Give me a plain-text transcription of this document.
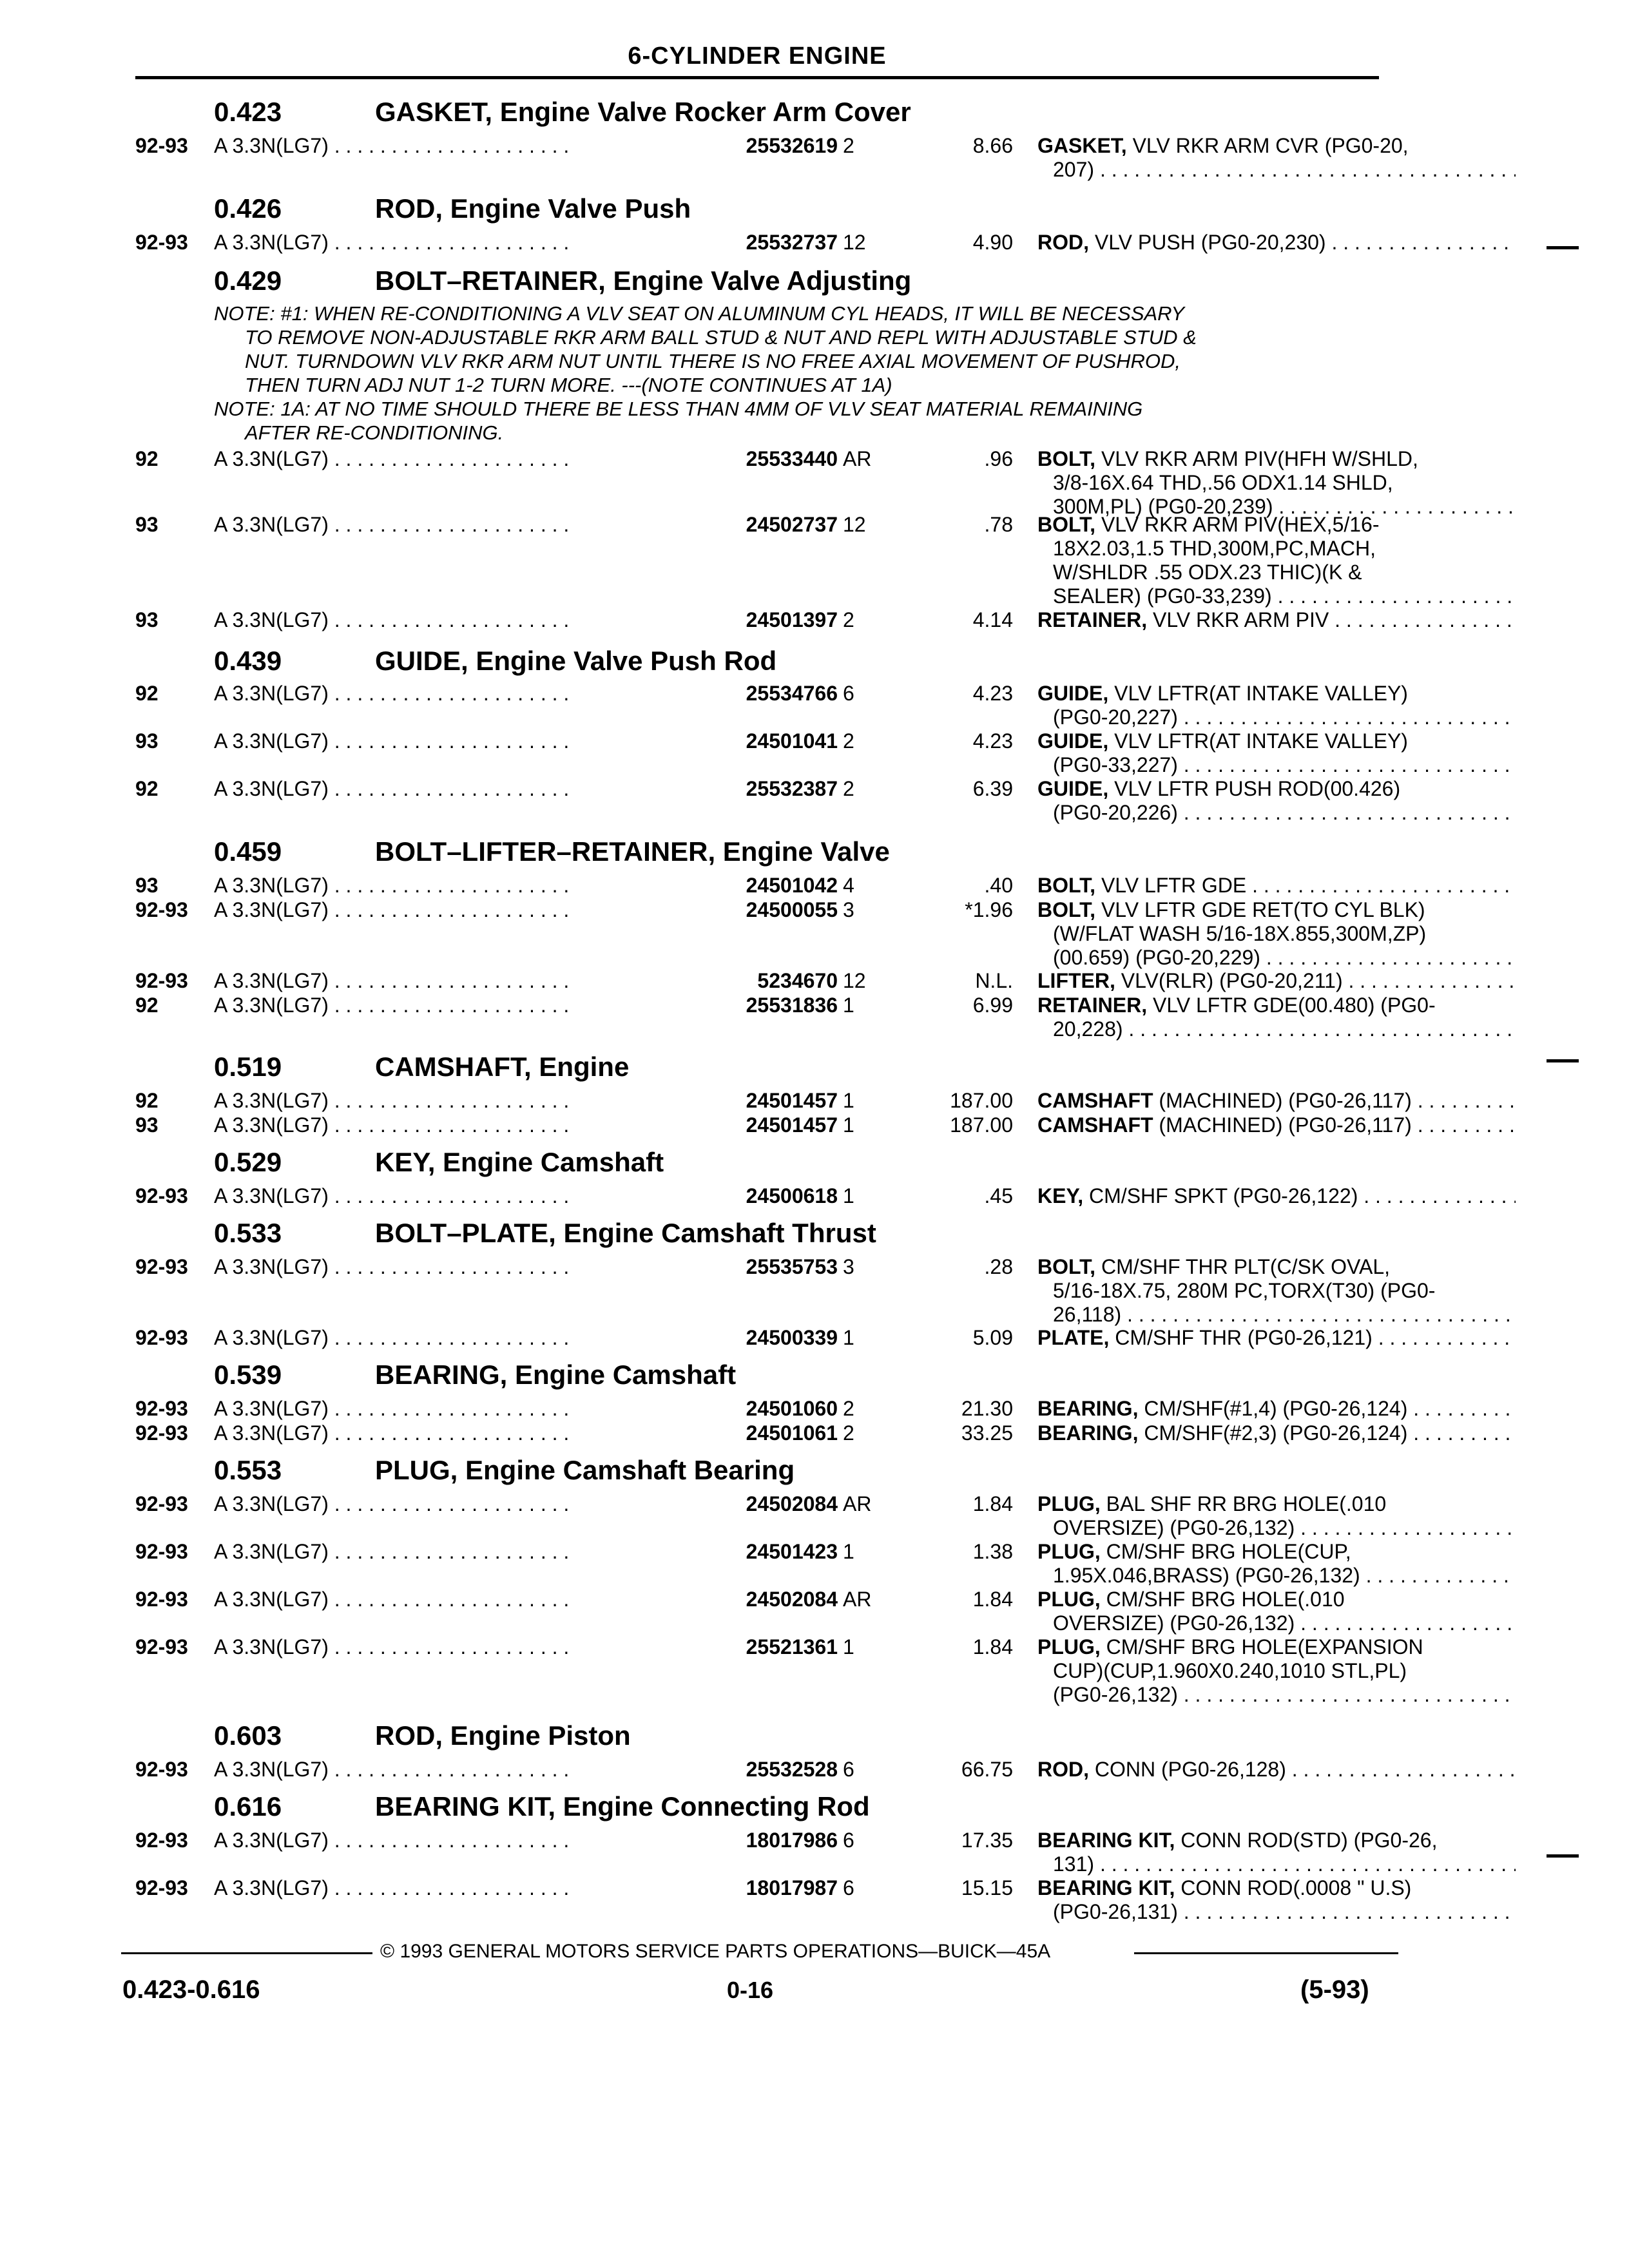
6-CYLINDER ENGINE
0.423	GASKET, Engine Valve Rocker Arm Cover
92-93 A 3.3N(LG7) . . .	25532619 2	8.66 GASKET, VLV RKR ARM CVR (PG0-20,
207) . . .
0.426	ROD, Engine Valve Push
92-93 A 3.3N(LG7) . . .	25532737 12	4.90 ROD, VLV PUSH (PG0-20,230) . . .
0.429	BOLT–RETAINER, Engine Valve Adjusting
NOTE: #1: WHEN RE-CONDITIONING A VLV SEAT ON ALUMINUM CYL HEADS, IT WILL BE NECESSARY
TO REMOVE NON-ADJUSTABLE RKR ARM BALL STUD & NUT AND REPL WITH ADJUSTABLE STUD &
NUT. TURNDOWN VLV RKR ARM NUT UNTIL THERE IS NO FREE AXIAL MOVEMENT OF PUSHROD,
THEN TURN ADJ NUT 1-2 TURN MORE. ---(NOTE CONTINUES AT 1A)
NOTE: 1A: AT NO TIME SHOULD THERE BE LESS THAN 4MM OF VLV SEAT MATERIAL REMAINING
AFTER RE-CONDITIONING.
92	A 3.3N(LG7) . . .	25533440 AR	.96 BOLT, VLV RKR ARM PIV(HFH W/SHLD,
3/8-16X.64 THD,.56 ODX1.14 SHLD,
300M,PL) (PG0-20,239) . . .
93	A 3.3N(LG7) . . .	24502737 12	.78 BOLT, VLV RKR ARM PIV(HEX,5/16-
18X2.03,1.5 THD,300M,PC,MACH,
W/SHLDR .55 ODX.23 THIC)(K &
SEALER) (PG0-33,239) . . .
93	A 3.3N(LG7) . . .	24501397 2	4.14 RETAINER, VLV RKR ARM PIV . . .
0.439	GUIDE, Engine Valve Push Rod
92	A 3.3N(LG7) . . .	25534766 6	4.23 GUIDE, VLV LFTR(AT INTAKE VALLEY)
(PG0-20,227) . . .
93	A 3.3N(LG7) . . .	24501041 2	4.23 GUIDE, VLV LFTR(AT INTAKE VALLEY)
(PG0-33,227) . . .
92	A 3.3N(LG7) . . .	25532387 2	6.39 GUIDE, VLV LFTR PUSH ROD(00.426)
(PG0-20,226) . . .
0.459	BOLT–LIFTER–RETAINER, Engine Valve
93	A 3.3N(LG7) . . .	24501042 4	.40 BOLT, VLV LFTR GDE . . .
92-93 A 3.3N(LG7) . . .	24500055 3	*1.96 BOLT, VLV LFTR GDE RET(TO CYL BLK)
(W/FLAT WASH 5/16-18X.855,300M,ZP)
(00.659) (PG0-20,229) . . .
92-93 A 3.3N(LG7) . . .	5234670 12	N.L. LIFTER, VLV(RLR) (PG0-20,211) . . .
92	A 3.3N(LG7) . . .	25531836 1	6.99 RETAINER, VLV LFTR GDE(00.480) (PG0-
20,228) . . .
0.519	CAMSHAFT, Engine
92	A 3.3N(LG7) . . .	24501457 1	187.00 CAMSHAFT (MACHINED) (PG0-26,117) . . .
93	A 3.3N(LG7) . . .	24501457 1	187.00 CAMSHAFT (MACHINED) (PG0-26,117) . . .
0.529	KEY, Engine Camshaft
92-93 A 3.3N(LG7) . . .	24500618 1	.45 KEY, CM/SHF SPKT (PG0-26,122) . . .
0.533	BOLT–PLATE, Engine Camshaft Thrust
92-93 A 3.3N(LG7) . . .	25535753 3	.28 BOLT, CM/SHF THR PLT(C/SK OVAL,
5/16-18X.75, 280M PC,TORX(T30) (PG0-
26,118) . . .
92-93 A 3.3N(LG7) . . .	24500339 1	5.09 PLATE, CM/SHF THR (PG0-26,121) . . .
0.539	BEARING, Engine Camshaft
92-93 A 3.3N(LG7) . . .	24501060 2	21.30 BEARING, CM/SHF(#1,4) (PG0-26,124) . . .
92-93 A 3.3N(LG7) . . .	24501061 2	33.25 BEARING, CM/SHF(#2,3) (PG0-26,124) . . .
0.553	PLUG, Engine Camshaft Bearing
92-93 A 3.3N(LG7) . . .	24502084 AR	1.84 PLUG, BAL SHF RR BRG HOLE(.010
OVERSIZE) (PG0-26,132) . . .
92-93 A 3.3N(LG7) . . .	24501423 1	1.38 PLUG, CM/SHF BRG HOLE(CUP,
1.95X.046,BRASS) (PG0-26,132) . . .
92-93 A 3.3N(LG7) . . .	24502084 AR	1.84 PLUG, CM/SHF BRG HOLE(.010
OVERSIZE) (PG0-26,132) . . .
92-93 A 3.3N(LG7) . . .	25521361 1	1.84 PLUG, CM/SHF BRG HOLE(EXPANSION
CUP)(CUP,1.960X0.240,1010 STL,PL)
(PG0-26,132) . . .
0.603	ROD, Engine Piston
92-93 A 3.3N(LG7) . . .	25532528 6	66.75 ROD, CONN (PG0-26,128) . . .
0.616	BEARING KIT, Engine Connecting Rod
92-93 A 3.3N(LG7) . . .	18017986 6	17.35 BEARING KIT, CONN ROD(STD) (PG0-26,
131) . . .
92-93 A 3.3N(LG7) . . .	18017987 6	15.15 BEARING KIT, CONN ROD(.0008 " U.S)
(PG0-26,131) . . .
© 1993 GENERAL MOTORS SERVICE PARTS OPERATIONS—BUICK—45A
0.423-0.616	0-16	(5-93)
